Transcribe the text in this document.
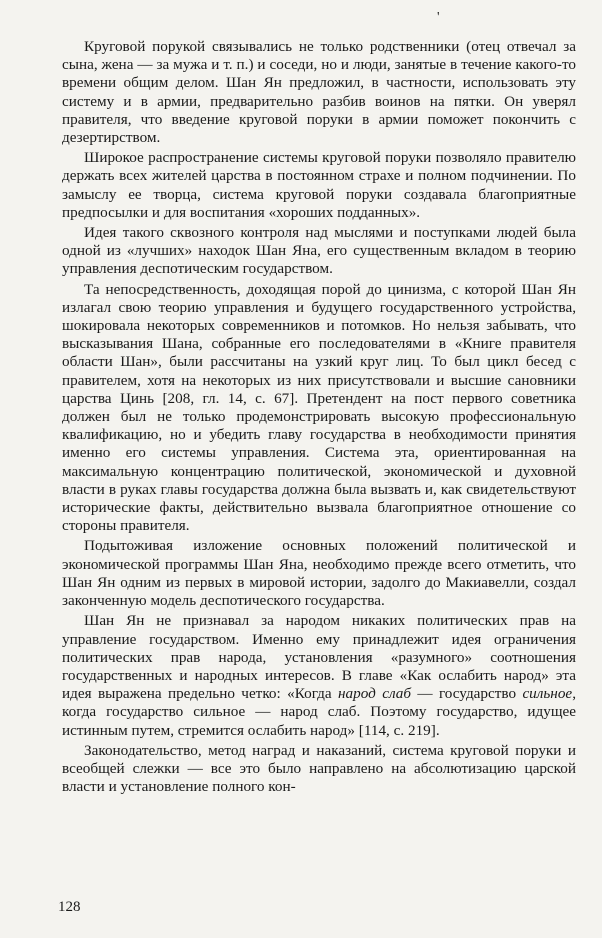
'

Круговой порукой связывались не только родственники (отец отвечал за сына, жена — за мужа и т. п.) и соседи, но и люди, занятые в течение какого-то времени общим делом. Шан Ян предложил, в частности, использовать эту систему и в армии, предварительно разбив воинов на пятки. Он уверял правителя, что введение круговой поруки в армии поможет покончить с дезертирством.

Широкое распространение системы круговой поруки позволяло правителю держать всех жителей царства в постоянном страхе и полном подчинении. По замыслу ее творца, система круговой поруки создавала благоприятные предпосылки и для воспитания «хороших подданных».

Идея такого сквозного контроля над мыслями и поступками людей была одной из «лучших» находок Шан Яна, его существенным вкладом в теорию управления деспотическим государством.

Та непосредственность, доходящая порой до цинизма, с которой Шан Ян излагал свою теорию управления и будущего государственного устройства, шокировала некоторых современников и потомков. Но нельзя забывать, что высказывания Шана, собранные его последователями в «Книге правителя области Шан», были рассчитаны на узкий круг лиц. То был цикл бесед с правителем, хотя на некоторых из них присутствовали и высшие сановники царства Цинь [208, гл. 14, с. 67]. Претендент на пост первого советника должен был не только продемонстрировать высокую профессиональную квалификацию, но и убедить главу государства в необходимости принятия именно его системы управления. Система эта, ориентированная на максимальную концентрацию политической, экономической и духовной власти в руках главы государства должна была вызвать и, как свидетельствуют исторические факты, действительно вызвала благоприятное отношение со стороны правителя.

Подытоживая изложение основных положений политической и экономической программы Шан Яна, необходимо прежде всего отметить, что Шан Ян одним из первых в мировой истории, задолго до Макиавелли, создал законченную модель деспотического государства.

Шан Ян не признавал за народом никаких политических прав на управление государством. Именно ему принадлежит идея ограничения политических прав народа, установления «разумного» соотношения государственных и народных интересов. В главе «Как ослабить народ» эта идея выражена предельно четко: «Когда народ слаб — государство сильное, когда государство сильное — народ слаб. Поэтому государство, идущее истинным путем, стремится ослабить народ» [114, с. 219].

Законодательство, метод наград и наказаний, система круговой поруки и всеобщей слежки — все это было направлено на абсолютизацию царской власти и установление полного кон-

128
